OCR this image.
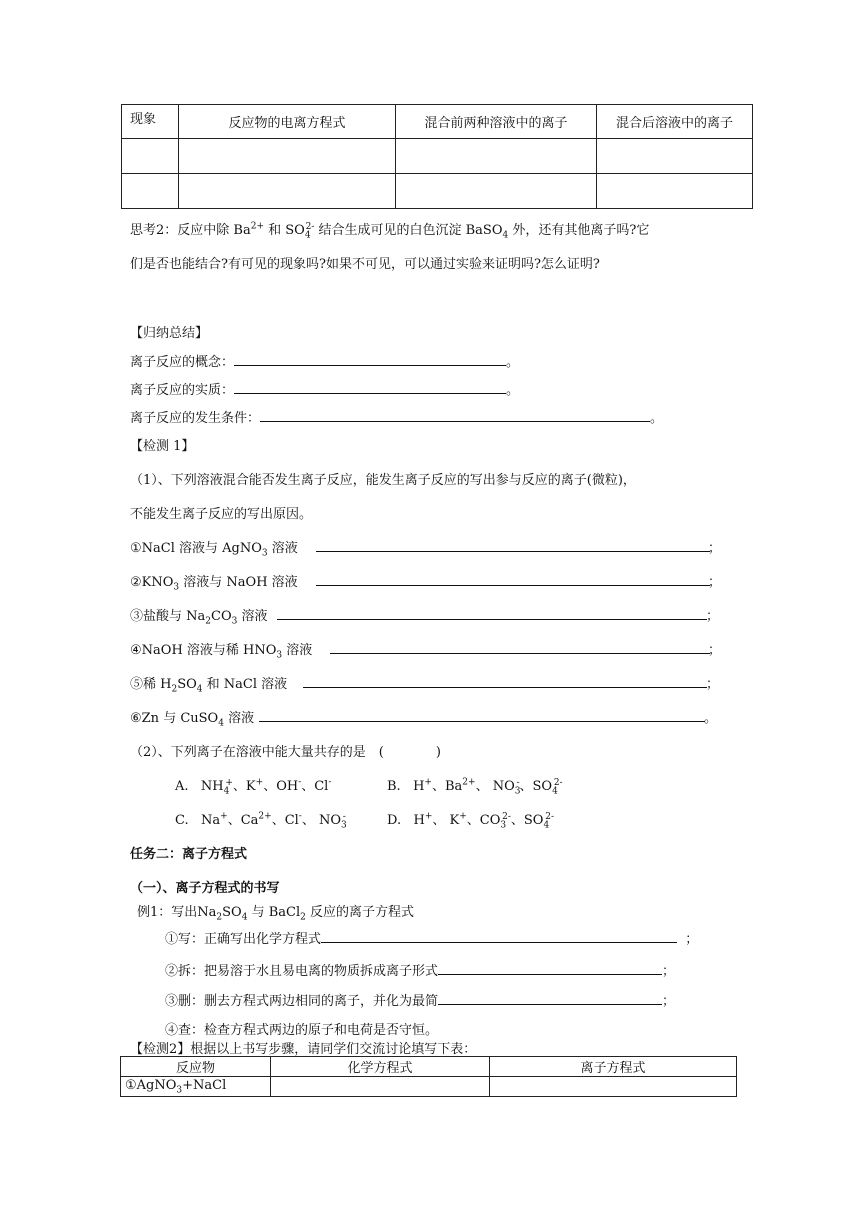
现象	反应物的电离方程式	混合前两种溶液中的离子	混合后溶液中的离子

思考2：反应中除 $Ba^{2+}$ 和 $SO_4^{2-}$ 结合生成可见的白色沉淀 BaSO$_4$ 外，还有其他离子吗?它
们是否也能结合?有可见的现象吗?如果不可见，可以通过实验来证明吗?怎么证明?
【归纳总结】
离子反应的概念：	。
离子反应的实质：	。
离子反应的发生条件：	。
【检测 1】
（1）、下列溶液混合能否发生离子反应，能发生离子反应的写出参与反应的离子(微粒)，
不能发生离子反应的写出原因。
①NaCl 溶液与 AgNO$_3$ 溶液	；
$②KNO_3$ 溶液与 NaOH 溶液	；
③盐酸与 $Na_2CO_3$ 溶液	；
④NaOH 溶液与稀 $HNO_3$ 溶液	；
⑤稀 $H_2SO_4$ 和 NaCl 溶液	；
⑥Zn 与 CuSO$_4$ 溶液	。
（2）、下列离子在溶液中能大量共存的是　(　　　　)
A.   $NH_4^+$、K+、OH-、Cl-	B.   H+、$Ba^{2+}$、 $NO_3^-$、$SO_4^{2-}$
C.   Na+、$Ca^{2+}$、Cl-、 $NO_3^-$	D.   H+、 K+、$CO_3^{2-}$、$SO_4^{2-}$
任务二：离子方程式
（一）、离子方程式的书写
例1：写出$Na_2SO_4$ 与 BaCl$_2$ 反应的离子方程式
①写：正确写出化学方程式	；
②拆：把易溶于水且易电离的物质拆成离子形式	；
③删：删去方程式两边相同的离子，并化为最简	；
④查：检查方程式两边的原子和电荷是否守恒。
【检测2】根据以上书写步骤，请同学们交流讨论填写下表：
反应物	化学方程式	离子方程式
①AgNO$_3$+NaCl		
